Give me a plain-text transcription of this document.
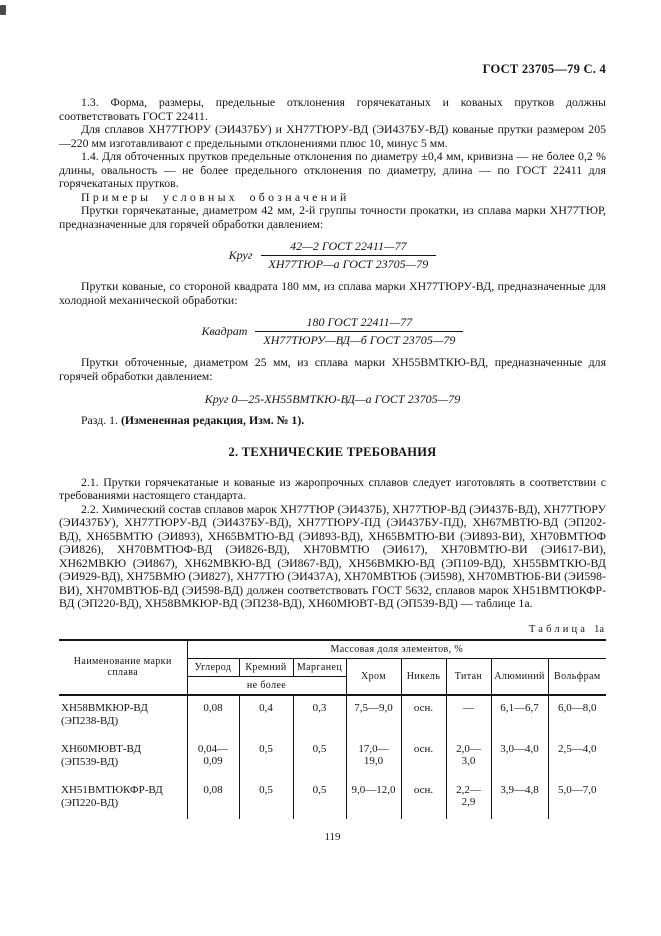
ГОСТ 23705—79 С. 4

1.3. Форма, размеры, предельные отклонения горячекатаных и кованых прутков должны соответствовать ГОСТ 22411.

Для сплавов ХН77ТЮРУ (ЭИ437БУ) и ХН77ТЮРУ-ВД (ЭИ437БУ-ВД) кованые прутки размером 205—220 мм изготавливают с предельными отклонениями плюс 10, минус 5 мм.

1.4. Для обточенных прутков предельные отклонения по диаметру ±0,4 мм, кривизна — не более 0,2 % длины, овальность — не более предельного отклонения по диаметру, длина — по ГОСТ 22411 для горячекатаных прутков.

Примеры условных обозначений

Прутки горячекатаные, диаметром 42 мм, 2-й группы точности прокатки, из сплава марки ХН77ТЮР, предназначенные для горячей обработки давлением:

Круг $\frac{\text{42—2 ГОСТ 22411—77}}{\text{ХН77ТЮР—а ГОСТ 23705—79}}$

Прутки кованые, со стороной квадрата 180 мм, из сплава марки ХН77ТЮРУ-ВД, предназначенные для холодной механической обработки:

Квадрат $\frac{\text{180 ГОСТ 22411—77}}{\text{ХН77ТЮРУ—ВД—б ГОСТ 23705—79}}$

Прутки обточенные, диаметром 25 мм, из сплава марки ХН55ВМТКЮ-ВД, предназначенные для горячей обработки давлением:

Круг 0—25-ХН55ВМТКЮ-ВД—а ГОСТ 23705—79

Разд. 1. (Измененная редакция, Изм. № 1).

2. ТЕХНИЧЕСКИЕ ТРЕБОВАНИЯ

2.1. Прутки горячекатаные и кованые из жаропрочных сплавов следует изготовлять в соответствии с требованиями настоящего стандарта.

2.2. Химический состав сплавов марок ХН77ТЮР (ЭИ437Б), ХН77ТЮР-ВД (ЭИ437Б-ВД), ХН77ТЮРУ (ЭИ437БУ), ХН77ТЮРУ-ВД (ЭИ437БУ-ВД), ХН77ТЮРУ-ПД (ЭИ437БУ-ПД), ХН67МВТЮ-ВД (ЭП202-ВД), ХН65ВМТЮ (ЭИ893), ХН65ВМТЮ-ВД (ЭИ893-ВД), ХН65ВМТЮ-ВИ (ЭИ893-ВИ), ХН70ВМТЮФ (ЭИ826), ХН70ВМТЮФ-ВД (ЭИ826-ВД), ХН70ВМТЮ (ЭИ617), ХН70ВМТЮ-ВИ (ЭИ617-ВИ), ХН62МВКЮ (ЭИ867), ХН62МВКЮ-ВД (ЭИ867-ВД), ХН56ВМКЮ-ВД (ЭП109-ВД), ХН55ВМТКЮ-ВД (ЭИ929-ВД), ХН75ВМЮ (ЭИ827), ХН77ТЮ (ЭИ437А), ХН70МВТЮБ (ЭИ598), ХН70МВТЮБ-ВИ (ЭИ598-ВИ), ХН70МВТЮБ-ВД (ЭИ598-ВД) должен соответствовать ГОСТ 5632, сплавов марок ХН51ВМТЮКФР-ВД (ЭП220-ВД), ХН58ВМКЮР-ВД (ЭП238-ВД), ХН60МЮВТ-ВД (ЭП539-ВД) — таблице 1а.

Таблица 1а
Наименование марки сплава	Массовая доля элементов, %							
	Углерод	Кремний	Марганец	Хром	Никель	Титан	Алюминий	Вольфрам
	не более							

ХН58ВМКЮР-ВД
(ЭП238-ВД)	0,08	0,4	0,3	7,5—9,0	осн.	—	6,1—6,7	6,0—8,0

ХН60МЮВТ-ВД
(ЭП539-ВД)	0,04—0,09	0,5	0,5	17,0—19,0	осн.	2,0—3,0	3,0—4,0	2,5—4,0

ХН51ВМТЮКФР-ВД
(ЭП220-ВД)	0,08	0,5	0,5	9,0—12,0	осн.	2,2—2,9	3,9—4,8	5,0—7,0
119
